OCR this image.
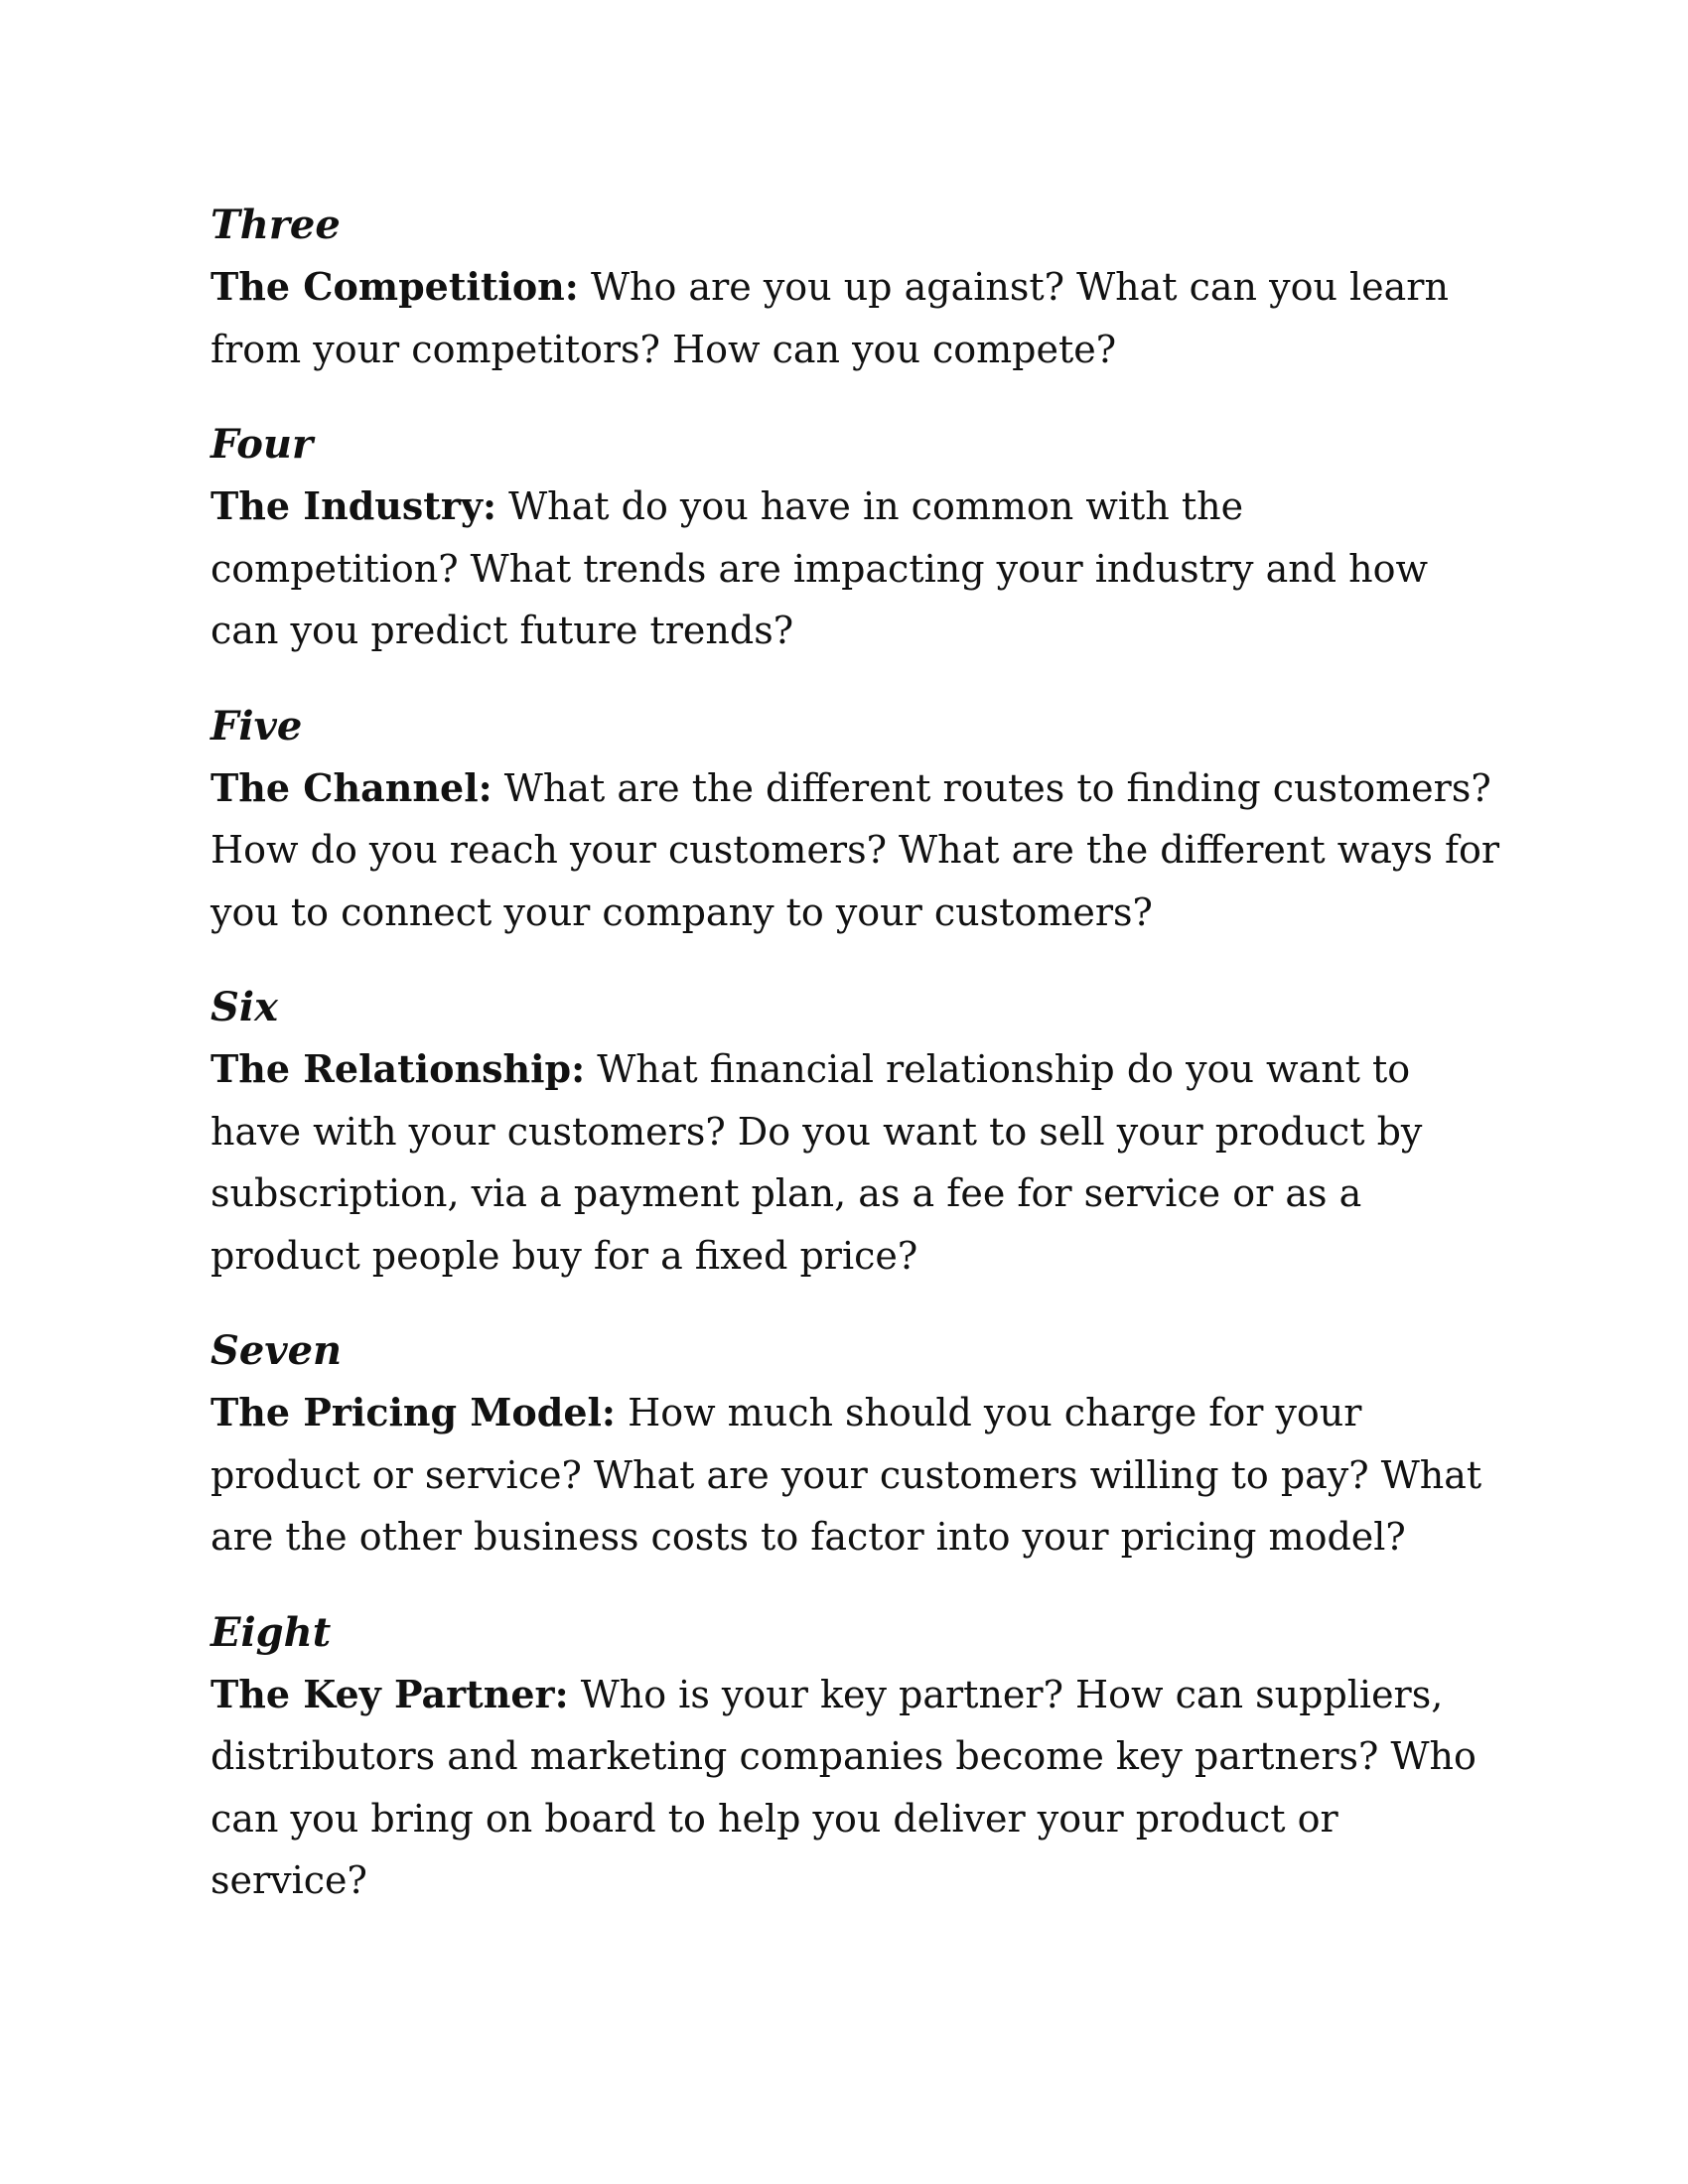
Three

The Competition: Who are you up against? What can you learn from your competitors? How can you compete?

Four

The Industry: What do you have in common with the competition? What trends are impacting your industry and how can you predict future trends?

Five

The Channel: What are the different routes to finding customers? How do you reach your customers? What are the different ways for you to connect your company to your customers?

Six

The Relationship: What financial relationship do you want to have with your customers? Do you want to sell your product by subscription, via a payment plan, as a fee for service or as a product people buy for a fixed price?

Seven

The Pricing Model: How much should you charge for your product or service? What are your customers willing to pay? What are the other business costs to factor into your pricing model?

Eight

The Key Partner: Who is your key partner? How can suppliers, distributors and marketing companies become key partners? Who can you bring on board to help you deliver your product or service?
